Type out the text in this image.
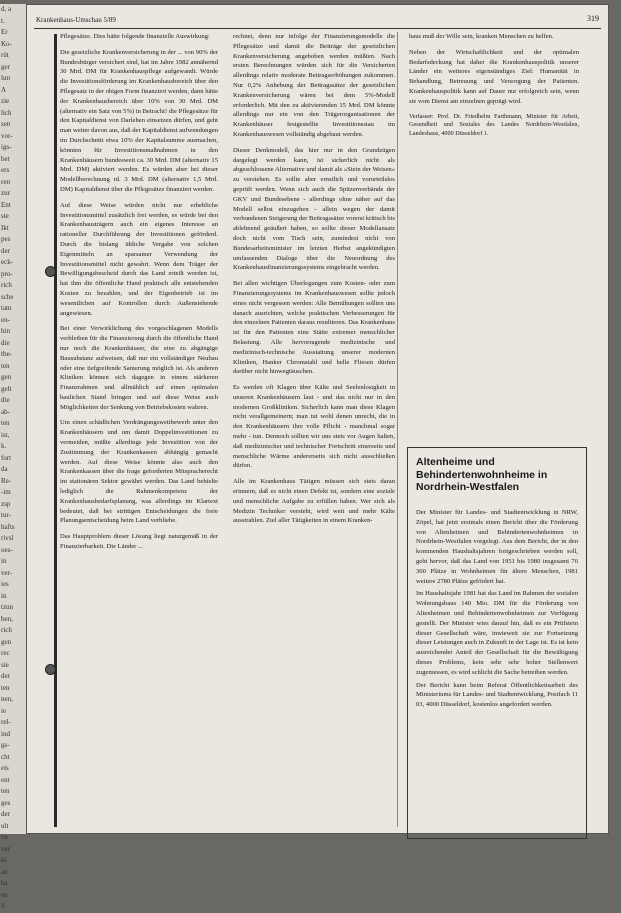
d, a
t.
Er
Ko-
rüt
ger
lun
A
zie
lich
sen
vor-
igs-
bet
ers
ren
zur
Ent
ste
Ikt
pes
der
eck-
pro-
rich
sche
tam
en-
hin
die
tbe-
ten
gen
gelt
die
ab-
ten
ist,
k.
fort
da
Re-
-im
zsp
tur-
hafts
rivsl
oes-
in
ver-
ies
in
tzun
ben,
rich
gen
rec
sie
der
ten
nen,
ie
rel-
ind
gs-
cht
eis
ent
ten
ges
der
ult
tie
ver
ki
an
ba
en
ll
Krankenhaus-Umschau 5/89	319

Pflegesätze. Dies hätte folgende finanzielle Auswirkung:

Die gesetzliche Krankenversicherung in der ... von 90% der Bundesbürger versichert sind, hat im Jahre 1982 annähernd 30 Mrd. DM für Krankenhauspflege aufgewandt. Würde die Investitionsförderung im Krankenhausbereich über den Pflegesatz in der obigen Form finanziert werden, dann hätte der Krankenhausbereich über 10% von 30 Mrd. DM (alternativ ein Satz von 5%) in Betracht! die Pflegesätze für den Kapitaldienst von Darlehen einsetzen dürfen, und geht man weiter davon aus, daß der Kapitaldienst aufwendungen im Durchschnitt etwa 10% der Kapitalsumme ausmachen, könnten für Investitionsmaßnahmen in den Krankenhäusern bundesweit ca. 30 Mrd. DM (alternativ 15 Mrd. DM) aktiviert werden. Es würden aber bei dieser Modellberechnung rd. 3 Mrd. DM (alternativ 1,5 Mrd. DM) Kapitaldienst über die Pflegesätze finanziert werden.

Auf diese Weise würden nicht nur erhebliche Investitionsmittel zusätzlich frei werden, es würde bei den Krankenhausträgern auch ein eigenes Interesse an rationeller Durchführung der Investitionen geförderd. Durch die bislang übliche Vergabe von solchen Eigenmitteln an sparsamer Verwendung der Investitionsmittel nicht gewahrt. Wenn dem Träger der Bewilligungsbescheid durch das Land erteilt worden ist, hat ihm die öffentliche Hand praktisch alle entstehenden Kosten zu bezahlen, und der Eigenbetrieb ist im wesentlichen auf Kontrollen durch Außenstehende angewiesen.

Bei einer Verwirklichung des vorgeschlagenen Modells verbleiben für die Finanzierung durch die öffentliche Hand nur noch die Krankenhäuser, die eine zu abgängige Bausubstanz aufweisen, daß nur ein vollständiger Neubau oder eine tiefgreifende Sanierung möglich ist. Als anderen Kliniken können sich dagegen in einem stärkeren Finanzrahmen und allmählich auf einen optimalen baulichen Stand bringen und auf diese Weise auch Möglichkeiten der Senkung von Betriebskosten wahren.

Um einen schädlichen Verdrängungswettbewerb unter den Krankenhäusern und um damit Doppelinvestitionen zu vermeiden, müßte allerdings jede Investition von der Zustimmung der Krankenkassen abhängig gemacht werden. Auf diese Weise könnte also auch den Krankenkassen über die frage geforderten Mitspracherecht im stationären Sektor gewährt werden. Das Land behielte lediglich die Rahmenkompetenz der Krankenhausbedarfsplanung, was allerdings im Klartext bedeutet, daß bei strittigen Entscheidungen die freie Planungsentscheidung beim Land verbliebe.

Das Hauptproblem dieser Lösung liegt naturgemäß in der Finanzierbarkeit. Die Länder ...

rechnet, denn nur infolge der Finanzierungsmodelle die Pflegesätze und damit die Beiträge der gesetzlichen Krankenversicherung angehoben werden müßten. Nach ersten Berechnungen würden sich für die Versicherten allerdings relativ moderate Beitragserhöhungen zukommen. Nur 0,2% Anhebung der Beitragssätze der gesetzlichen Krankenversicherung wären bei dem 5%-Modell erforderlich. Mit den zu aktivierenden 15 Mrd. DM könnte allerdings nur ein von den Trägerorganisationen der Krankenhäuser festgestellte Investitionsstau im Krankenhauswesen vollständig abgebaut werden.

Dieser Denkmodell, das hier nur in den Grundzügen dargelegt werden kann, ist sicherlich nicht als abgeschlossene Alternative und damit als »Stein der Weisen« zu verstehen. Es sollte aber ernstlich und vorurteilslos geprüft werden. Wenn sich auch die Spitzenverbände der GKV und Bundesebene - allerdings ohne näher auf das Modell selbst einzugehen - allein wegen der damit verbundenen Steigerung der Beitragssätze vorerst kritisch bis ablehnend geäußert haben, so sollte dieser Modellansatz doch nicht vom Tisch sein, zumindest nicht von Bundesarbeitsminister im letzten Herbst angekündigten umfassenden Dialoge über die Neuordnung des Krankenhausfinanzierungssystems eingebracht werden.

Bei allen wichtigen Überlegungen zum Kosten- oder zum Finanzierungssystems im Krankenhauswesen sollte jedoch eines nicht vergessen werden: Alle Bemühungen sollten uns danach ausrichten, welche praktischen Verbesserungen für den einzelnen Patienten daraus resultieren. Das Krankenhaus ist für den Patienten eine Stätte extremer menschlicher Belastung. Alle hervorragende medizinische und medizinisch-technische Ausstattung unserer modernen Kliniken, Hanker Chromstahl und helle Fliesen dürfen darüber nicht hinwegtäuschen.

Es werden oft Klagen über Kälte und Seelenlosigkeit in unseren Krankenhäusern laut - und das nicht nur in den modernen Großkliniken. Sicherlich kann man diese Klagen nicht verallgemeinern; man tut wohl denen unrecht, die in den Krankenhäusern ihre volle Pflicht - manchmal sogar mehr - tun. Dennoch sollten wir uns stets vor Augen halten, daß medizinischer und technischer Fortschritt einerseits und menschliche Wärme andererseits sich nicht ausschließen dürfen.

Alle im Krankenhaus Tätigen müssen sich stets daran erinnern, daß es nicht einen Defekt ist, sondern eine soziale und menschliche Aufgabe zu erfüllen haben. Wer sich als Medizin Techniker versteht, wird weit und mehr Kälte ausstrahlen. Ziel aller Tätigkeiten in einem Kranken-

haus muß der Wille sein, kranken Menschen zu helfen.

Neben der Wirtschaftlichkeit und der optimalen Bedarfsdeckung hat daher die Krankenhauspolitik unserer Länder ein weiteres eigenständiges Ziel: Humanität in Behandlung, Betreuung und Versorgung der Patienten. Krankenhauspolitik kann auf Dauer nur erfolgreich sein, wenn sie vom Dienst am einzelnen geprägt wird.

Verfasser: Prof. Dr. Friedhelm Farthmann, Minister für Arbeit, Gesundheit und Soziales des Landes Nordrhein-Westfalen, Landeshaus, 4000 Düsseldorf 1.

Altenheime und Behindertenwohnheime in Nordrhein-Westfalen

Der Minister für Landes- und Stadtentwicklung in NRW, Zöpel, hat jetzt erstmals einen Bericht über die Förderung von Altenheimen und Behindertenwohnheimen in Nordrhein-Westfalen vorgelegt. Aus dem Bericht, der in den kommenden Haushaltsjahren fortgeschrieben werden soll, geht hervor, daß das Land von 1951 bis 1980 insgesamt 76 360 Plätze in Wohnheimen für ältere Menschen, 1981 weitere 2780 Plätze gefördert hat.

Im Haushaltsjahr 1981 hat das Land im Rahmen der sozialen Wohnungsbaus 140 Mio. DM für die Förderung von Altenheimen und Behindertenwohnheimen zur Verfügung gestellt. Der Minister wies darauf hin, daß es ein Prüfstein dieser Gesellschaft wäre, inwieweit sie zur Fortsetzung dieser Leistungen auch in Zukunft in der Lage ist. Es ist kein ausreichender Anteil der Gesellschaft für die Bewältigung dieses Problems, kein sehr sehr hoher Stellenwert zugemessen, es wird schlicht die Sache betreiben werden.

Der Bericht kann beim Referat Öffentlichkeitsarbeit des Ministeriums für Landes- und Stadtentwicklung, Postfach 11 03, 4000 Düsseldorf, kostenlos angefordert werden.
